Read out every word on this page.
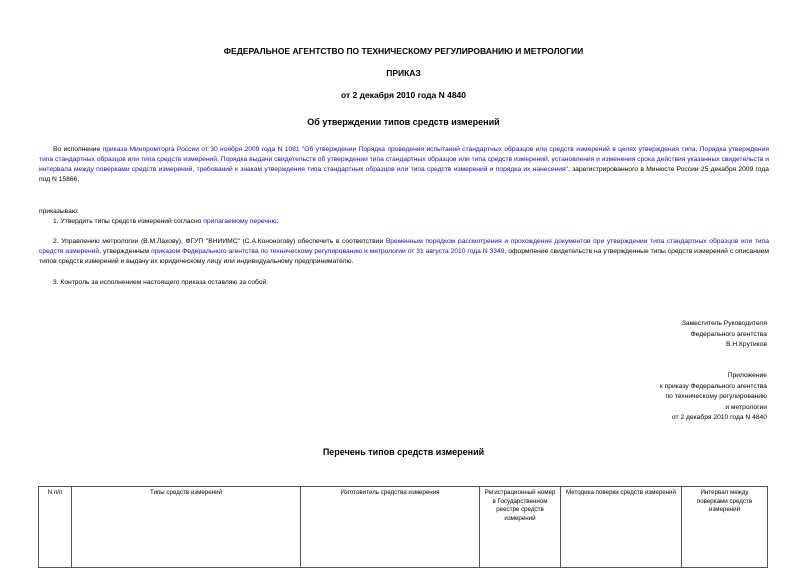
ФЕДЕРАЛЬНОЕ АГЕНТСТВО ПО ТЕХНИЧЕСКОМУ РЕГУЛИРОВАНИЮ И МЕТРОЛОГИИ
ПРИКАЗ
от 2 декабря 2010 года N 4840
Об утверждении типов средств измерений
Во исполнение приказа Минпромторга России от 30 ноября 2009 года N 1081 "Об утверждении Порядка проведения испытаний стандартных образцов или средств измерений в целях утверждения типа, Порядка утверждения типа стандартных образцов или типа средств измерений, Порядка выдачи свидетельств об утверждении типа стандартных образцов или типа средств измерений, установления и изменения срока действия указанных свидетельств и интервала между поверками средств измерений, требований к знакам утверждения типа стандартных образцов или типа средств измерений и порядка их нанесения", зарегистрированного в Минюсте России 25 декабря 2009 года под N 15866,
приказываю:
1. Утвердить типы средств измерений согласно прилагаемому перечню.
2. Управлению метрологии (В.М.Лахову), ФГУП "ВНИИМС" (С.А.Кононогову) обеспечить в соответствии Временным порядком рассмотрения и прохождения документов при утверждении типа стандартных образцов или типа средств измерений, утвержденным приказом Федерального агентства по техническому регулированию и метрологии от 31 августа 2010 года N 3349, оформление свидетельств на утвержденные типы средств измерений с описанием типов средств измерений и выдачу их юридическому лицу или индивидуальному предпринимателю.
3. Контроль за исполнением настоящего приказа оставляю за собой.
Заместитель Руководителя
Федерального агентства
В.Н.Крутиков
Приложение
к приказу Федерального агентства
по техническому регулированию
и метрологии
от 2 декабря 2010 года N 4840
Перечень типов средств измерений
N п/п	Типы средств измерений	Изготовитель средства измерения	Регистрационный номер в Государственном реестре средств измерений	Методика поверки средств измерений	Интервал между поверками средств измерений
